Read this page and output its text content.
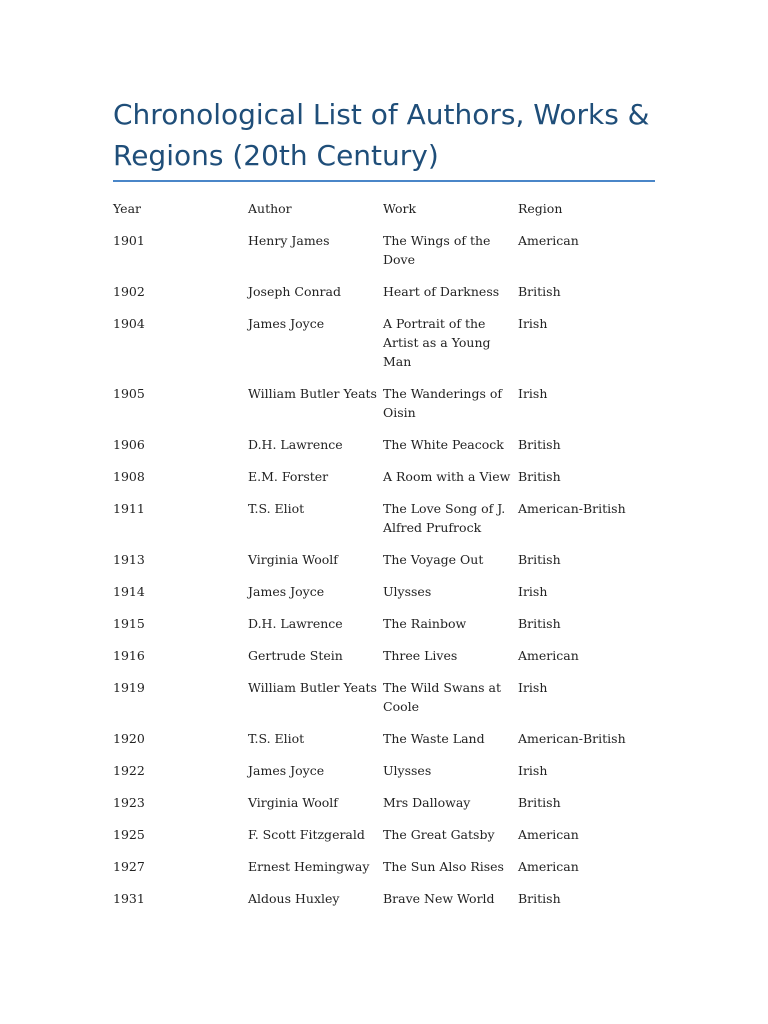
Chronological List of Authors, Works & Regions (20th Century)
Year	Author	Work	Region
1901	Henry James	The Wings of the Dove	American
1902	Joseph Conrad	Heart of Darkness	British
1904	James Joyce	A Portrait of the Artist as a Young Man	Irish
1905	William Butler Yeats	The Wanderings of Oisin	Irish
1906	D.H. Lawrence	The White Peacock	British
1908	E.M. Forster	A Room with a View	British
1911	T.S. Eliot	The Love Song of J. Alfred Prufrock	American-British
1913	Virginia Woolf	The Voyage Out	British
1914	James Joyce	Ulysses	Irish
1915	D.H. Lawrence	The Rainbow	British
1916	Gertrude Stein	Three Lives	American
1919	William Butler Yeats	The Wild Swans at Coole	Irish
1920	T.S. Eliot	The Waste Land	American-British
1922	James Joyce	Ulysses	Irish
1923	Virginia Woolf	Mrs Dalloway	British
1925	F. Scott Fitzgerald	The Great Gatsby	American
1927	Ernest Hemingway	The Sun Also Rises	American
1931	Aldous Huxley	Brave New World	British
